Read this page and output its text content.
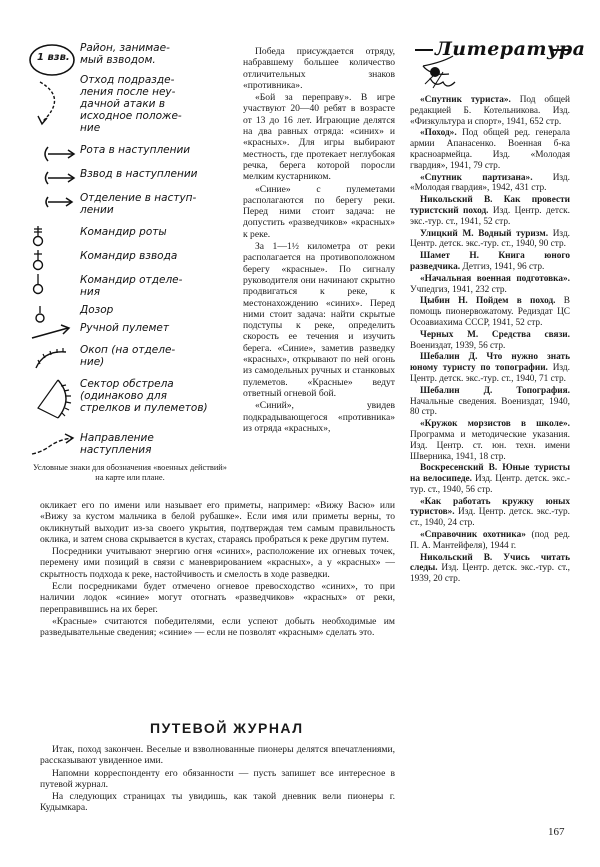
1 взв.
Район, занимае-
мый взводом.
Отход подразде-
ления после неу-
дачной атаки в
исходное положе-
ние
Рота в наступлении
Взвод в наступлении
Отделение в наступ-
лении
Командир роты
Командир взвода
Командир отделе-
ния
Дозор
Ручной пулемет
Окоп (на отделе-
ние)
Сектор обстрела
(одинаково для
стрелков и пулеметов)
Направление
наступления
Условные знаки для обозначения «военных действий» на карте или плане.

Победа присуждается отряду, набравшему большее количество отличительных знаков «противника».

«Бой за переправу». В игре участвуют 20—40 ребят в возрасте от 13 до 16 лет. Играющие делятся на два равных отряда: «синих» и «красных». Для игры выбирают местность, где протекает неглубокая речка, берега которой поросли мелким кустарником.

«Синие» с пулеметами располагаются по берегу реки. Перед ними стоит задача: не допустить «разведчиков» «красных» к реке.

За 1—1½ километра от реки располагается на противоположном берегу «красные». По сигналу руководителя они начинают скрытно продвигаться к реке, к местонахождению «синих». Перед ними стоит задача: найти скрытые подступы к реке, определить скорость ее течения и изучить берега. «Синие», заметив разведку «красных», открывают по ней огонь из самодельных ручных и станковых пулеметов. «Красные» ведут ответный огневой бой.

«Синий», увидев подкрадывающегося «противника» из отряда «красных»,

окликает его по имени или называет его приметы, например: «Вижу Васю» или «Вижу за кустом мальчика в белой рубашке». Если имя или приметы верны, то окликнутый выходит из-за своего укрытия, подтверждая тем самым правильность оклика, и затем снова скрывается в кустах, стараясь пробраться к реке другим путем.

Посредники учитывают энергию огня «синих», расположение их огневых точек, перемену ими позиций в связи с маневрированием «красных», а у «красных» — скрытность подхода к реке, настойчивость и смелость в ходе разведки.

Если посредниками будет отмечено огневое превосходство «синих», то при наличии лодок «синие» могут отогнать «разведчиков» «красных» от реки, переправившись на их берег.

«Красные» считаются победителями, если успеют добыть необходимые им разведывательные сведения; «синие» — если не позволят «красным» сделать это.

ПУТЕВОЙ ЖУРНАЛ

Итак, поход закончен. Веселые и взволнованные пионеры делятся впечатлениями, рассказывают увиденное ими.

Напомни корреспонденту его обязанности — пусть запишет все интересное в путевой журнал.

На следующих страницах ты увидишь, как такой дневник вели пионеры г. Кудымкара.

Литература

«Спутник туриста». Под общей редакцией Б. Котельникова. Изд. «Физкультура и спорт», 1941, 652 стр.

«Поход». Под общей ред. генерала армии Апанасенко. Военная б-ка красноармейца. Изд. «Молодая гвардия», 1941, 79 стр.

«Спутник партизана». Изд. «Молодая гвардия», 1942, 431 стр.

Никольский В. Как провести туристский поход. Изд. Центр. детск. экс.-тур. ст., 1941, 52 стр.

Улицкий М. Водный туризм. Изд. Центр. детск. экс.-тур. ст., 1940, 90 стр.

Шамет Н. Книга юного разведчика. Детгиз, 1941, 96 стр.

«Начальная военная подготовка». Учпедгиз, 1941, 232 стр.

Цыбин Н. Пойдем в поход. В помощь пионервожатому. Редиздат ЦС Осоавиахима СССР, 1941, 52 стр.

Черных М. Средства связи. Воениздат, 1939, 56 стр.

Шебалин Д. Что нужно знать юному туристу по топографии. Изд. Центр. детск. экс.-тур. ст., 1940, 71 стр.

Шебалин Д. Топография. Начальные сведения. Воениздат, 1940, 80 стр.

«Кружок морзистов в школе». Программа и методические указания. Изд. Центр. ст. юн. техн. имени Шверника, 1941, 18 стр.

Воскресенский В. Юные туристы на велосипеде. Изд. Центр. детск. экс.-тур. ст., 1940, 56 стр.

«Как работать кружку юных туристов». Изд. Центр. детск. экс.-тур. ст., 1940, 24 стр.

«Справочник охотника» (под ред. П. А. Мантейфеля), 1944 г.

Никольский В. Учись читать следы. Изд. Центр. детск. экс.-тур. ст., 1939, 20 стр.

167
